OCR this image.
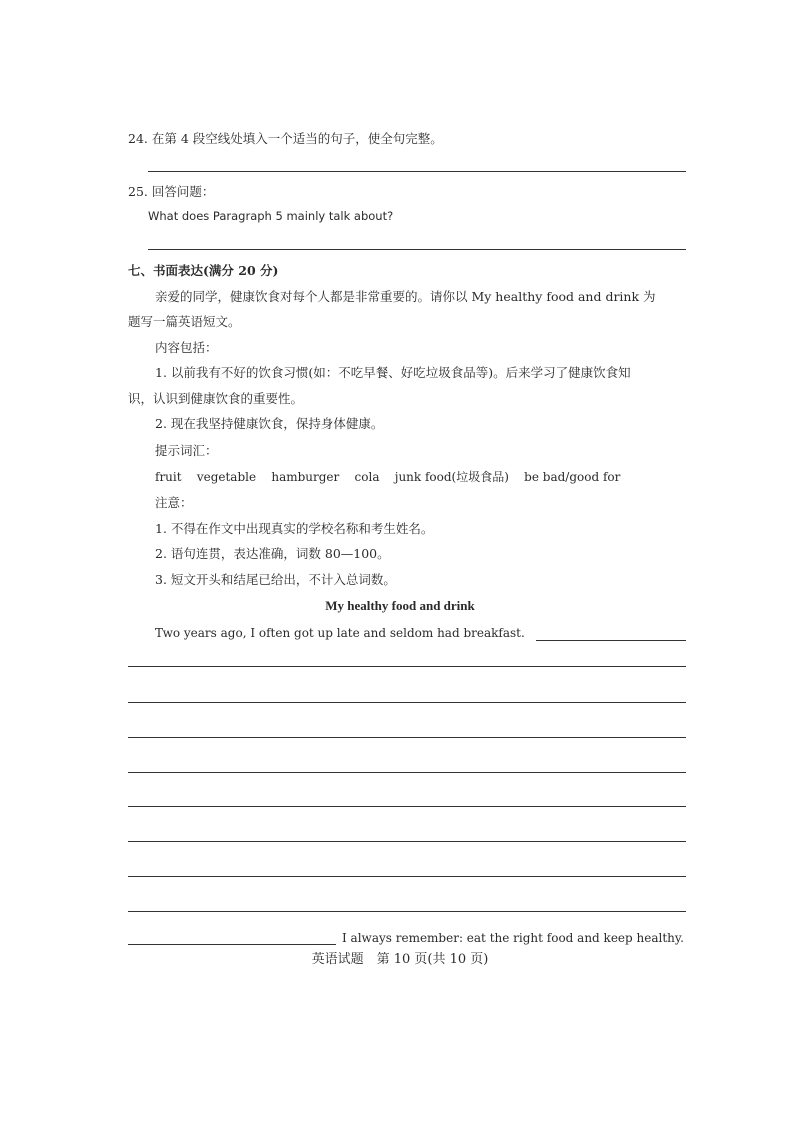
24. 在第 4 段空线处填入一个适当的句子，使全句完整。
25. 回答问题：
What does Paragraph 5 mainly talk about?
七、书面表达(满分 20 分)
亲爱的同学，健康饮食对每个人都是非常重要的。请你以 My healthy food and drink 为
题写一篇英语短文。
内容包括：
1. 以前我有不好的饮食习惯(如：不吃早餐、好吃垃圾食品等)。后来学习了健康饮食知
识，认识到健康饮食的重要性。
2. 现在我坚持健康饮食，保持身体健康。
提示词汇：
fruit    vegetable    hamburger    cola    junk food(垃圾食品)    be bad/good for
注意：
1. 不得在作文中出现真实的学校名称和考生姓名。
2. 语句连贯，表达准确，词数 80—100。
3. 短文开头和结尾已给出，不计入总词数。
My healthy food and drink
Two years ago, I often got up late and seldom had breakfast.
I always remember: eat the right food and keep healthy.
英语试题　第 10 页(共 10 页)
